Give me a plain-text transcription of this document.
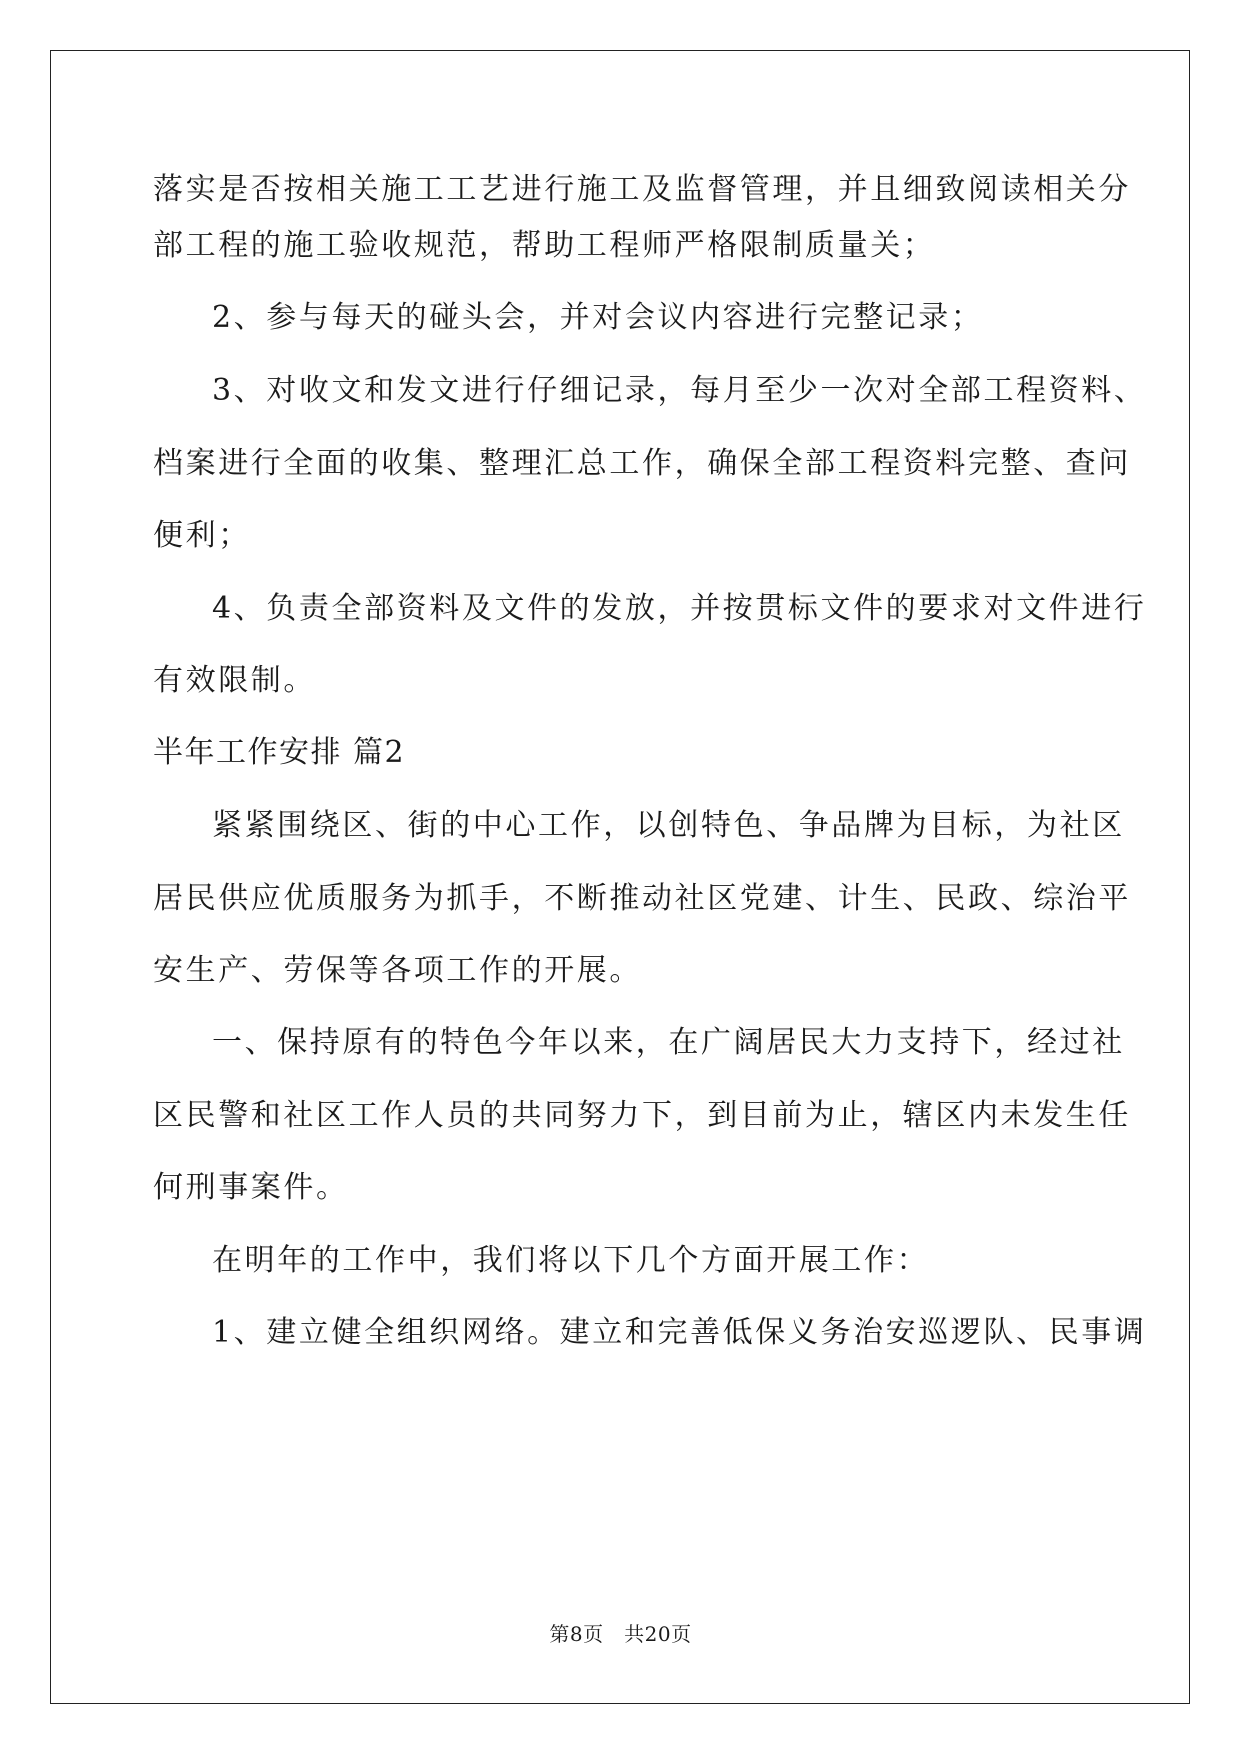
落实是否按相关施工工艺进行施工及监督管理，并且细致阅读相关分
部工程的施工验收规范，帮助工程师严格限制质量关；
2、参与每天的碰头会，并对会议内容进行完整记录；
3、对收文和发文进行仔细记录，每月至少一次对全部工程资料、
档案进行全面的收集、整理汇总工作，确保全部工程资料完整、查问
便利；
4、负责全部资料及文件的发放，并按贯标文件的要求对文件进行
有效限制。
半年工作安排 篇2
紧紧围绕区、街的中心工作，以创特色、争品牌为目标，为社区
居民供应优质服务为抓手，不断推动社区党建、计生、民政、综治平
安生产、劳保等各项工作的开展。
一、保持原有的特色今年以来，在广阔居民大力支持下，经过社
区民警和社区工作人员的共同努力下，到目前为止，辖区内未发生任
何刑事案件。
在明年的工作中，我们将以下几个方面开展工作：
1、建立健全组织网络。建立和完善低保义务治安巡逻队、民事调
第8页　共20页
